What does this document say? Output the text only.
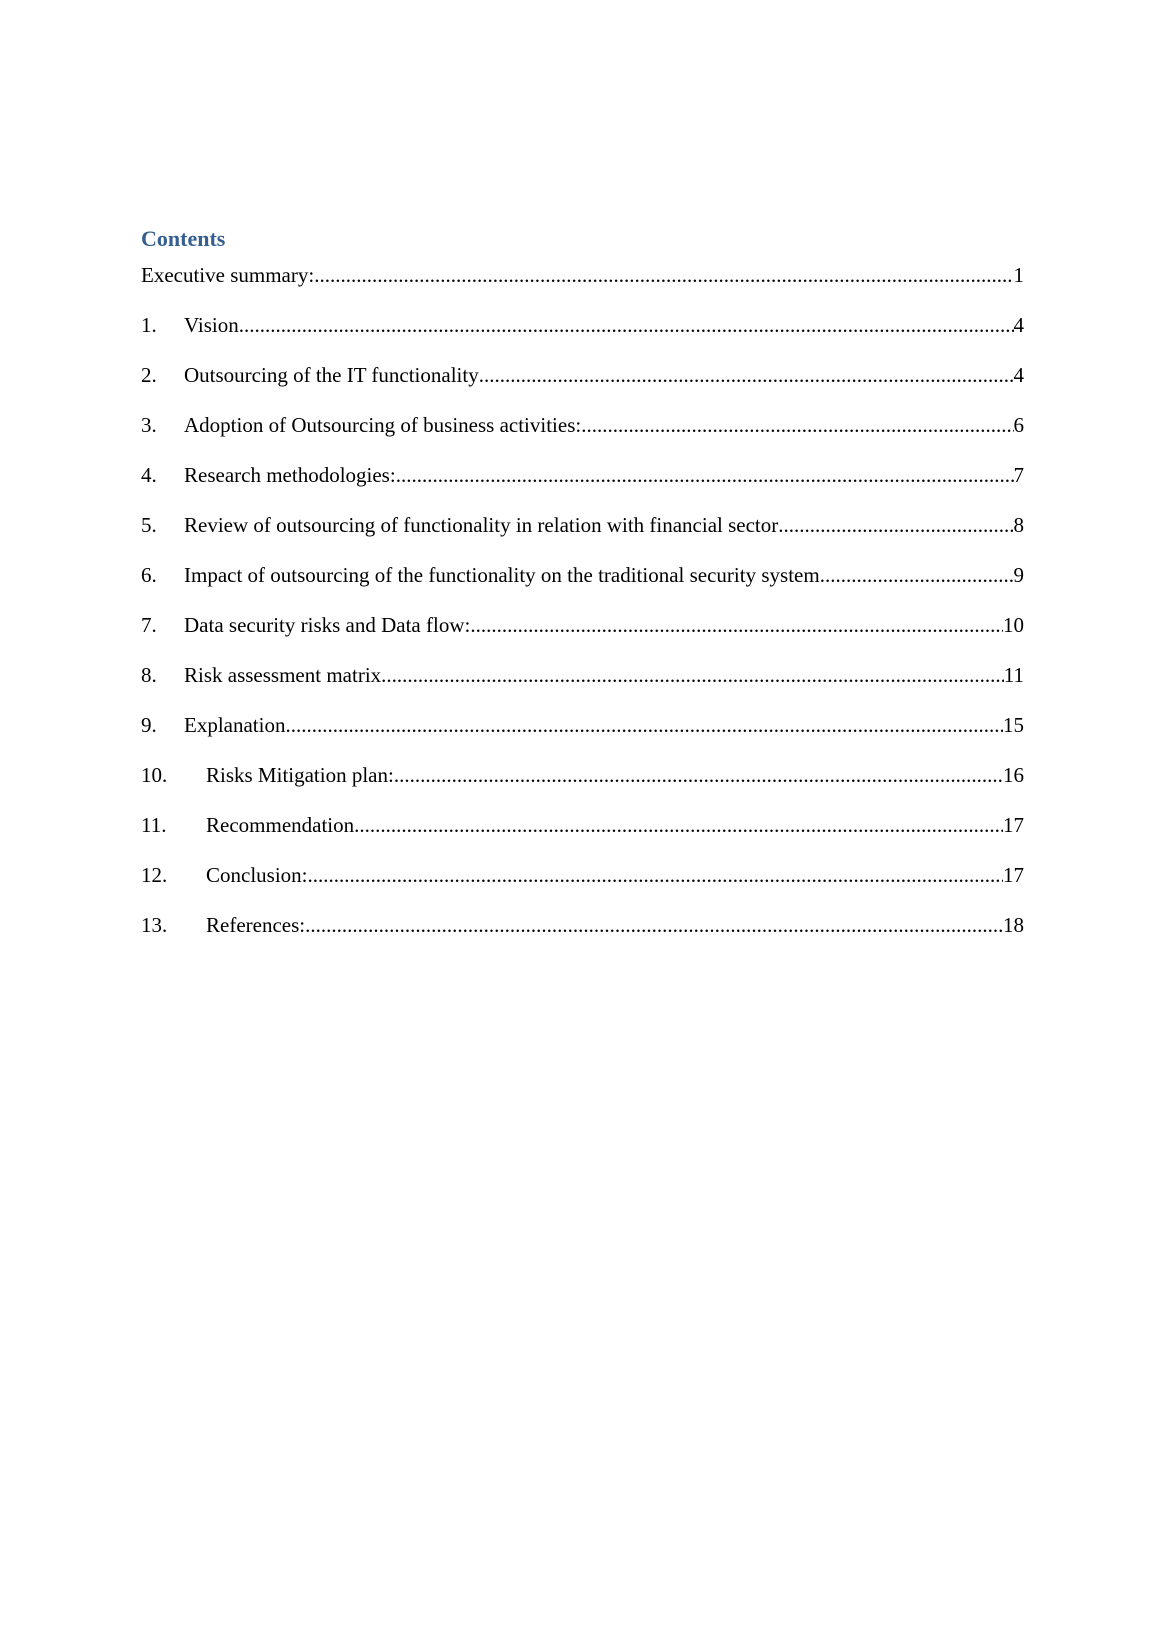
Contents
Executive summary: .....	1
1.	Vision .....	4
2.	Outsourcing of the IT functionality .....	4
3.	Adoption of Outsourcing of business activities: .....	6
4.	Research methodologies: .....	7
5.	Review of outsourcing of functionality in relation with financial sector .....	8
6.	Impact of outsourcing of the functionality on the traditional security system .....	9
7.	Data security risks and Data flow: .....	10
8.	Risk assessment matrix .....	11
9.	Explanation .....	15
10.	Risks Mitigation plan: .....	16
11.	Recommendation .....	17
12.	Conclusion: .....	17
13.	References: .....	18
